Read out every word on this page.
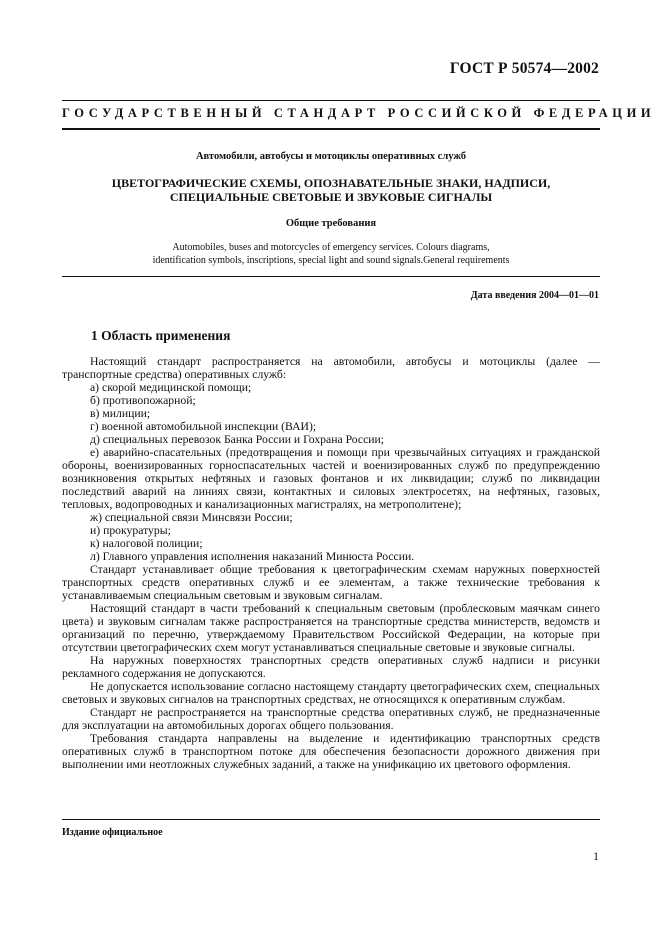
ГОСТ Р 50574—2002
ГОСУДАРСТВЕННЫЙ СТАНДАРТ РОССИЙСКОЙ ФЕДЕРАЦИИ
Автомобили, автобусы и мотоциклы оперативных служб
ЦВЕТОГРАФИЧЕСКИЕ СХЕМЫ, ОПОЗНАВАТЕЛЬНЫЕ ЗНАКИ, НАДПИСИ,
СПЕЦИАЛЬНЫЕ СВЕТОВЫЕ И ЗВУКОВЫЕ СИГНАЛЫ
Общие требования
Automobiles, buses and motorcycles of emergency services. Colours diagrams,
identification symbols, inscriptions, special light and sound signals.General requirements
Дата введения 2004—01—01
1 Область применения

Настоящий стандарт распространяется на автомобили, автобусы и мотоциклы (далее — транспортные средства) оперативных служб:

а) скорой медицинской помощи;

б) противопожарной;

в) милиции;

г) военной автомобильной инспекции (ВАИ);

д) специальных перевозок Банка России и Гохрана России;

е) аварийно-спасательных (предотвращения и помощи при чрезвычайных ситуациях и гражданской обороны, военизированных горноспасательных частей и военизированных служб по предупреждению возникновения открытых нефтяных и газовых фонтанов и их ликвидации; служб по ликвидации последствий аварий на линиях связи, контактных и силовых электросетях, на нефтяных, газовых, тепловых, водопроводных и канализационных магистралях, на метрополитене);

ж) специальной связи Минсвязи России;

и) прокуратуры;

к) налоговой полиции;

л) Главного управления исполнения наказаний Минюста России.

Стандарт устанавливает общие требования к цветографическим схемам наружных поверхностей транспортных средств оперативных служб и ее элементам, а также технические требования к устанавливаемым специальным световым и звуковым сигналам.

Настоящий стандарт в части требований к специальным световым (проблесковым маячкам синего цвета) и звуковым сигналам также распространяется на транспортные средства министерств, ведомств и организаций по перечню, утверждаемому Правительством Российской Федерации, на которые при отсутствии цветографических схем могут устанавливаться специальные световые и звуковые сигналы.

На наружных поверхностях транспортных средств оперативных служб надписи и рисунки рекламного содержания не допускаются.

Не допускается использование согласно настоящему стандарту цветографических схем, специальных световых и звуковых сигналов на транспортных средствах, не относящихся к оперативным службам.

Стандарт не распространяется на транспортные средства оперативных служб, не предназначенные для эксплуатации на автомобильных дорогах общего пользования.

Требования стандарта направлены на выделение и идентификацию транспортных средств оперативных служб в транспортном потоке для обеспечения безопасности дорожного движения при выполнении ими неотложных служебных заданий, а также на унификацию их цветового оформления.

Издание официальное
1
